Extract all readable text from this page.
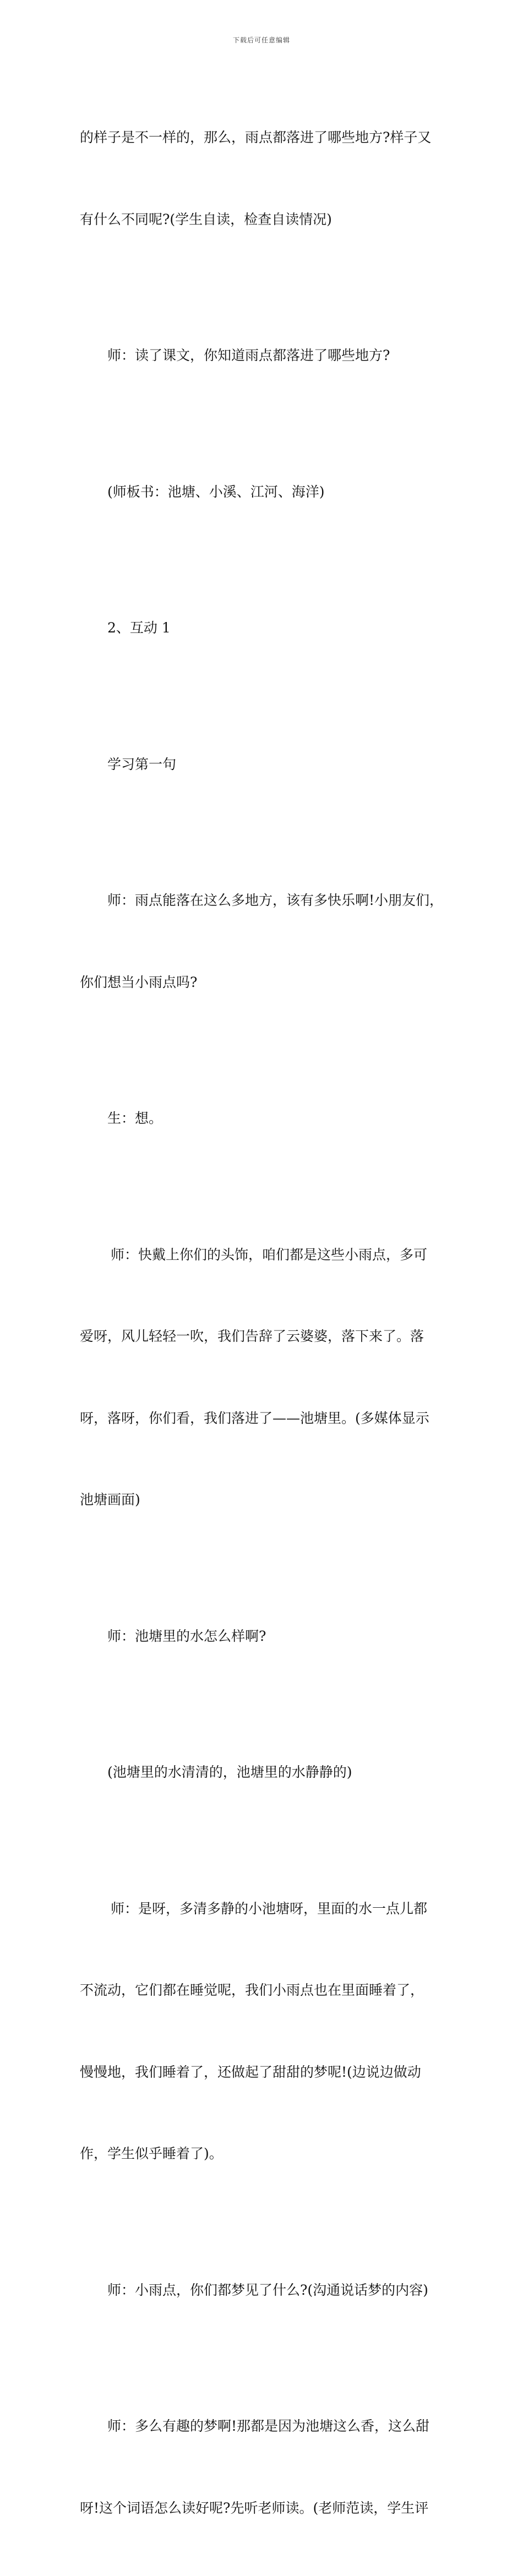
下载后可任意编辑

的样子是不一样的，那么，雨点都落进了哪些地方?样子又

有什么不同呢?(学生自读，检查自读情况)

师：读了课文，你知道雨点都落进了哪些地方?

(师板书：池塘、小溪、江河、海洋)

2、互动 1

学习第一句

师：雨点能落在这么多地方，该有多快乐啊!小朋友们，

你们想当小雨点吗?

生：想。

师：快戴上你们的头饰，咱们都是这些小雨点，多可

爱呀，风儿轻轻一吹，我们告辞了云婆婆，落下来了。落

呀，落呀，你们看，我们落进了——池塘里。(多媒体显示

池塘画面)

师：池塘里的水怎么样啊?

(池塘里的水清清的，池塘里的水静静的)

师：是呀，多清多静的小池塘呀，里面的水一点儿都

不流动，它们都在睡觉呢，我们小雨点也在里面睡着了，

慢慢地，我们睡着了，还做起了甜甜的梦呢!(边说边做动

作，学生似乎睡着了)。

师：小雨点，你们都梦见了什么?(沟通说话梦的内容)

师：多么有趣的梦啊!那都是因为池塘这么香，这么甜

呀!这个词语怎么读好呢?先听老师读。(老师范读，学生评
